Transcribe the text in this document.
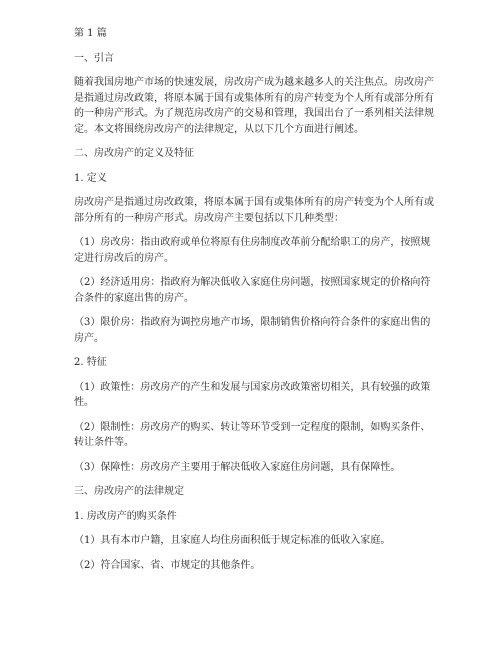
第 1 篇

一、引言

随着我国房地产市场的快速发展，房改房产成为越来越多人的关注焦点。房改房产

是指通过房改政策，将原本属于国有或集体所有的房产转变为个人所有或部分所有

的一种房产形式。为了规范房改房产的交易和管理，我国出台了一系列相关法律规

定。本文将围绕房改房产的法律规定，从以下几个方面进行阐述。

二、房改房产的定义及特征

1. 定义

房改房产是指通过房改政策，将原本属于国有或集体所有的房产转变为个人所有或

部分所有的一种房产形式。房改房产主要包括以下几种类型：

（1）房改房：指由政府或单位将原有住房制度改革前分配给职工的房产，按照规

定进行房改后的房产。

（2）经济适用房：指政府为解决低收入家庭住房问题，按照国家规定的价格向符

合条件的家庭出售的房产。

（3）限价房：指政府为调控房地产市场，限制销售价格向符合条件的家庭出售的

房产。

2. 特征

（1）政策性：房改房产的产生和发展与国家房改政策密切相关，具有较强的政策

性。

（2）限制性：房改房产的购买、转让等环节受到一定程度的限制，如购买条件、

转让条件等。

（3）保障性：房改房产主要用于解决低收入家庭住房问题，具有保障性。

三、房改房产的法律规定

1. 房改房产的购买条件

（1）具有本市户籍，且家庭人均住房面积低于规定标准的低收入家庭。

（2）符合国家、省、市规定的其他条件。
